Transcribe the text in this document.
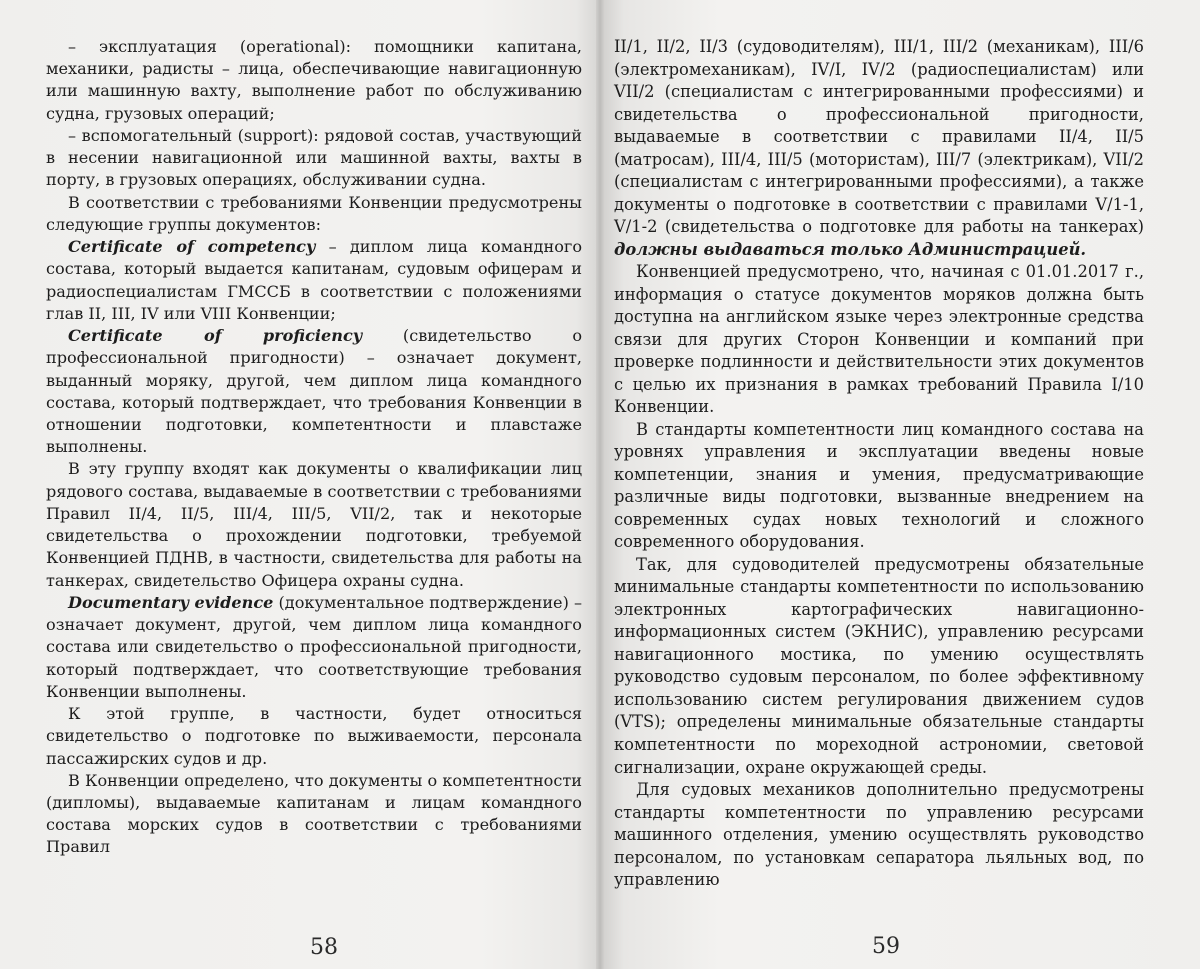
– эксплуатация (operational): помощники капитана, механики, радисты – лица, обеспечивающие навигационную или машинную вахту, выполнение работ по обслуживанию судна, грузовых операций;

– вспомогательный (support): рядовой состав, участвующий в несении навигационной или машинной вахты, вахты в порту, в грузовых операциях, обслуживании судна.

В соответствии с требованиями Конвенции предусмотрены следующие группы документов:

Certificate of competency – диплом лица командного состава, который выдается капитанам, судовым офицерам и радиоспециалистам ГМССБ в соответствии с положениями глав II, III, IV или VIII Конвенции;

Certificate of proficiency (свидетельство о профессиональной пригодности) – означает документ, выданный моряку, другой, чем диплом лица командного состава, который подтверждает, что требования Конвенции в отношении подготовки, компетентности и плавстаже выполнены.

В эту группу входят как документы о квалификации лиц рядового состава, выдаваемые в соответствии с требованиями Правил II/4, II/5, III/4, III/5, VII/2, так и некоторые свидетельства о прохождении подготовки, требуемой Конвенцией ПДНВ, в частности, свидетельства для работы на танкерах, свидетельство Офицера охраны судна.

Documentary evidence (документальное подтверждение) – означает документ, другой, чем диплом лица командного состава или свидетельство о профессиональной пригодности, который подтверждает, что соответствующие требования Конвенции выполнены.

К этой группе, в частности, будет относиться свидетельство о подготовке по выживаемости, персонала пассажирских судов и др.

В Конвенции определено, что документы о компетентности (дипломы), выдаваемые капитанам и лицам командного состава морских судов в соответствии с требованиями Правил

58

II/1, II/2, II/3 (судоводителям), III/1, III/2 (механикам), III/6 (электромеханикам), IV/I, IV/2 (радиоспециалистам) или VII/2 (специалистам с интегрированными профессиями) и свидетельства о профессиональной пригодности, выдаваемые в соответствии с правилами II/4, II/5 (матросам), III/4, III/5 (мотористам), III/7 (электрикам), VII/2 (специалистам с интегрированными профессиями), а также документы о подготовке в соответствии с правилами V/1-1, V/1-2 (свидетельства о подготовке для работы на танкерах) должны выдаваться только Администрацией.

Конвенцией предусмотрено, что, начиная с 01.01.2017 г., информация о статусе документов моряков должна быть доступна на английском языке через электронные средства связи для других Сторон Конвенции и компаний при проверке подлинности и действительности этих документов с целью их признания в рамках требований Правила I/10 Конвенции.

В стандарты компетентности лиц командного состава на уровнях управления и эксплуатации введены новые компетенции, знания и умения, предусматривающие различные виды подготовки, вызванные внедрением на современных судах новых технологий и сложного современного оборудования.

Так, для судоводителей предусмотрены обязательные минимальные стандарты компетентности по использованию электронных картографических навигационно-информационных систем (ЭКНИС), управлению ресурсами навигационного мостика, по умению осуществлять руководство судовым персоналом, по более эффективному использованию систем регулирования движением судов (VTS); определены минимальные обязательные стандарты компетентности по мореходной астрономии, световой сигнализации, охране окружающей среды.

Для судовых механиков дополнительно предусмотрены стандарты компетентности по управлению ресурсами машинного отделения, умению осуществлять руководство персоналом, по установкам сепаратора льяльных вод, по управлению

59
